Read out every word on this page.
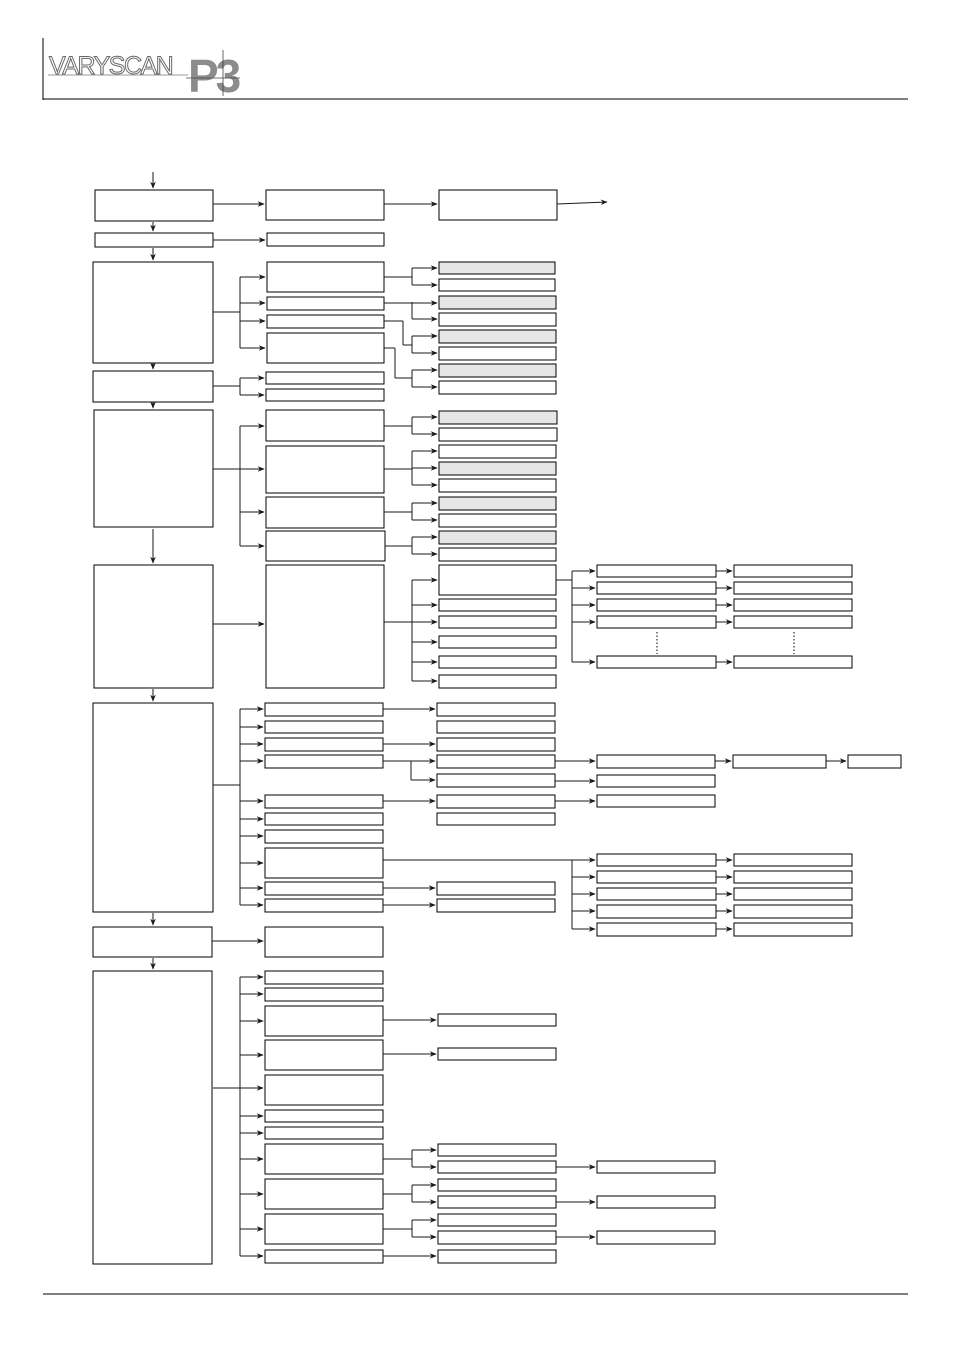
VARYSCAN P3
